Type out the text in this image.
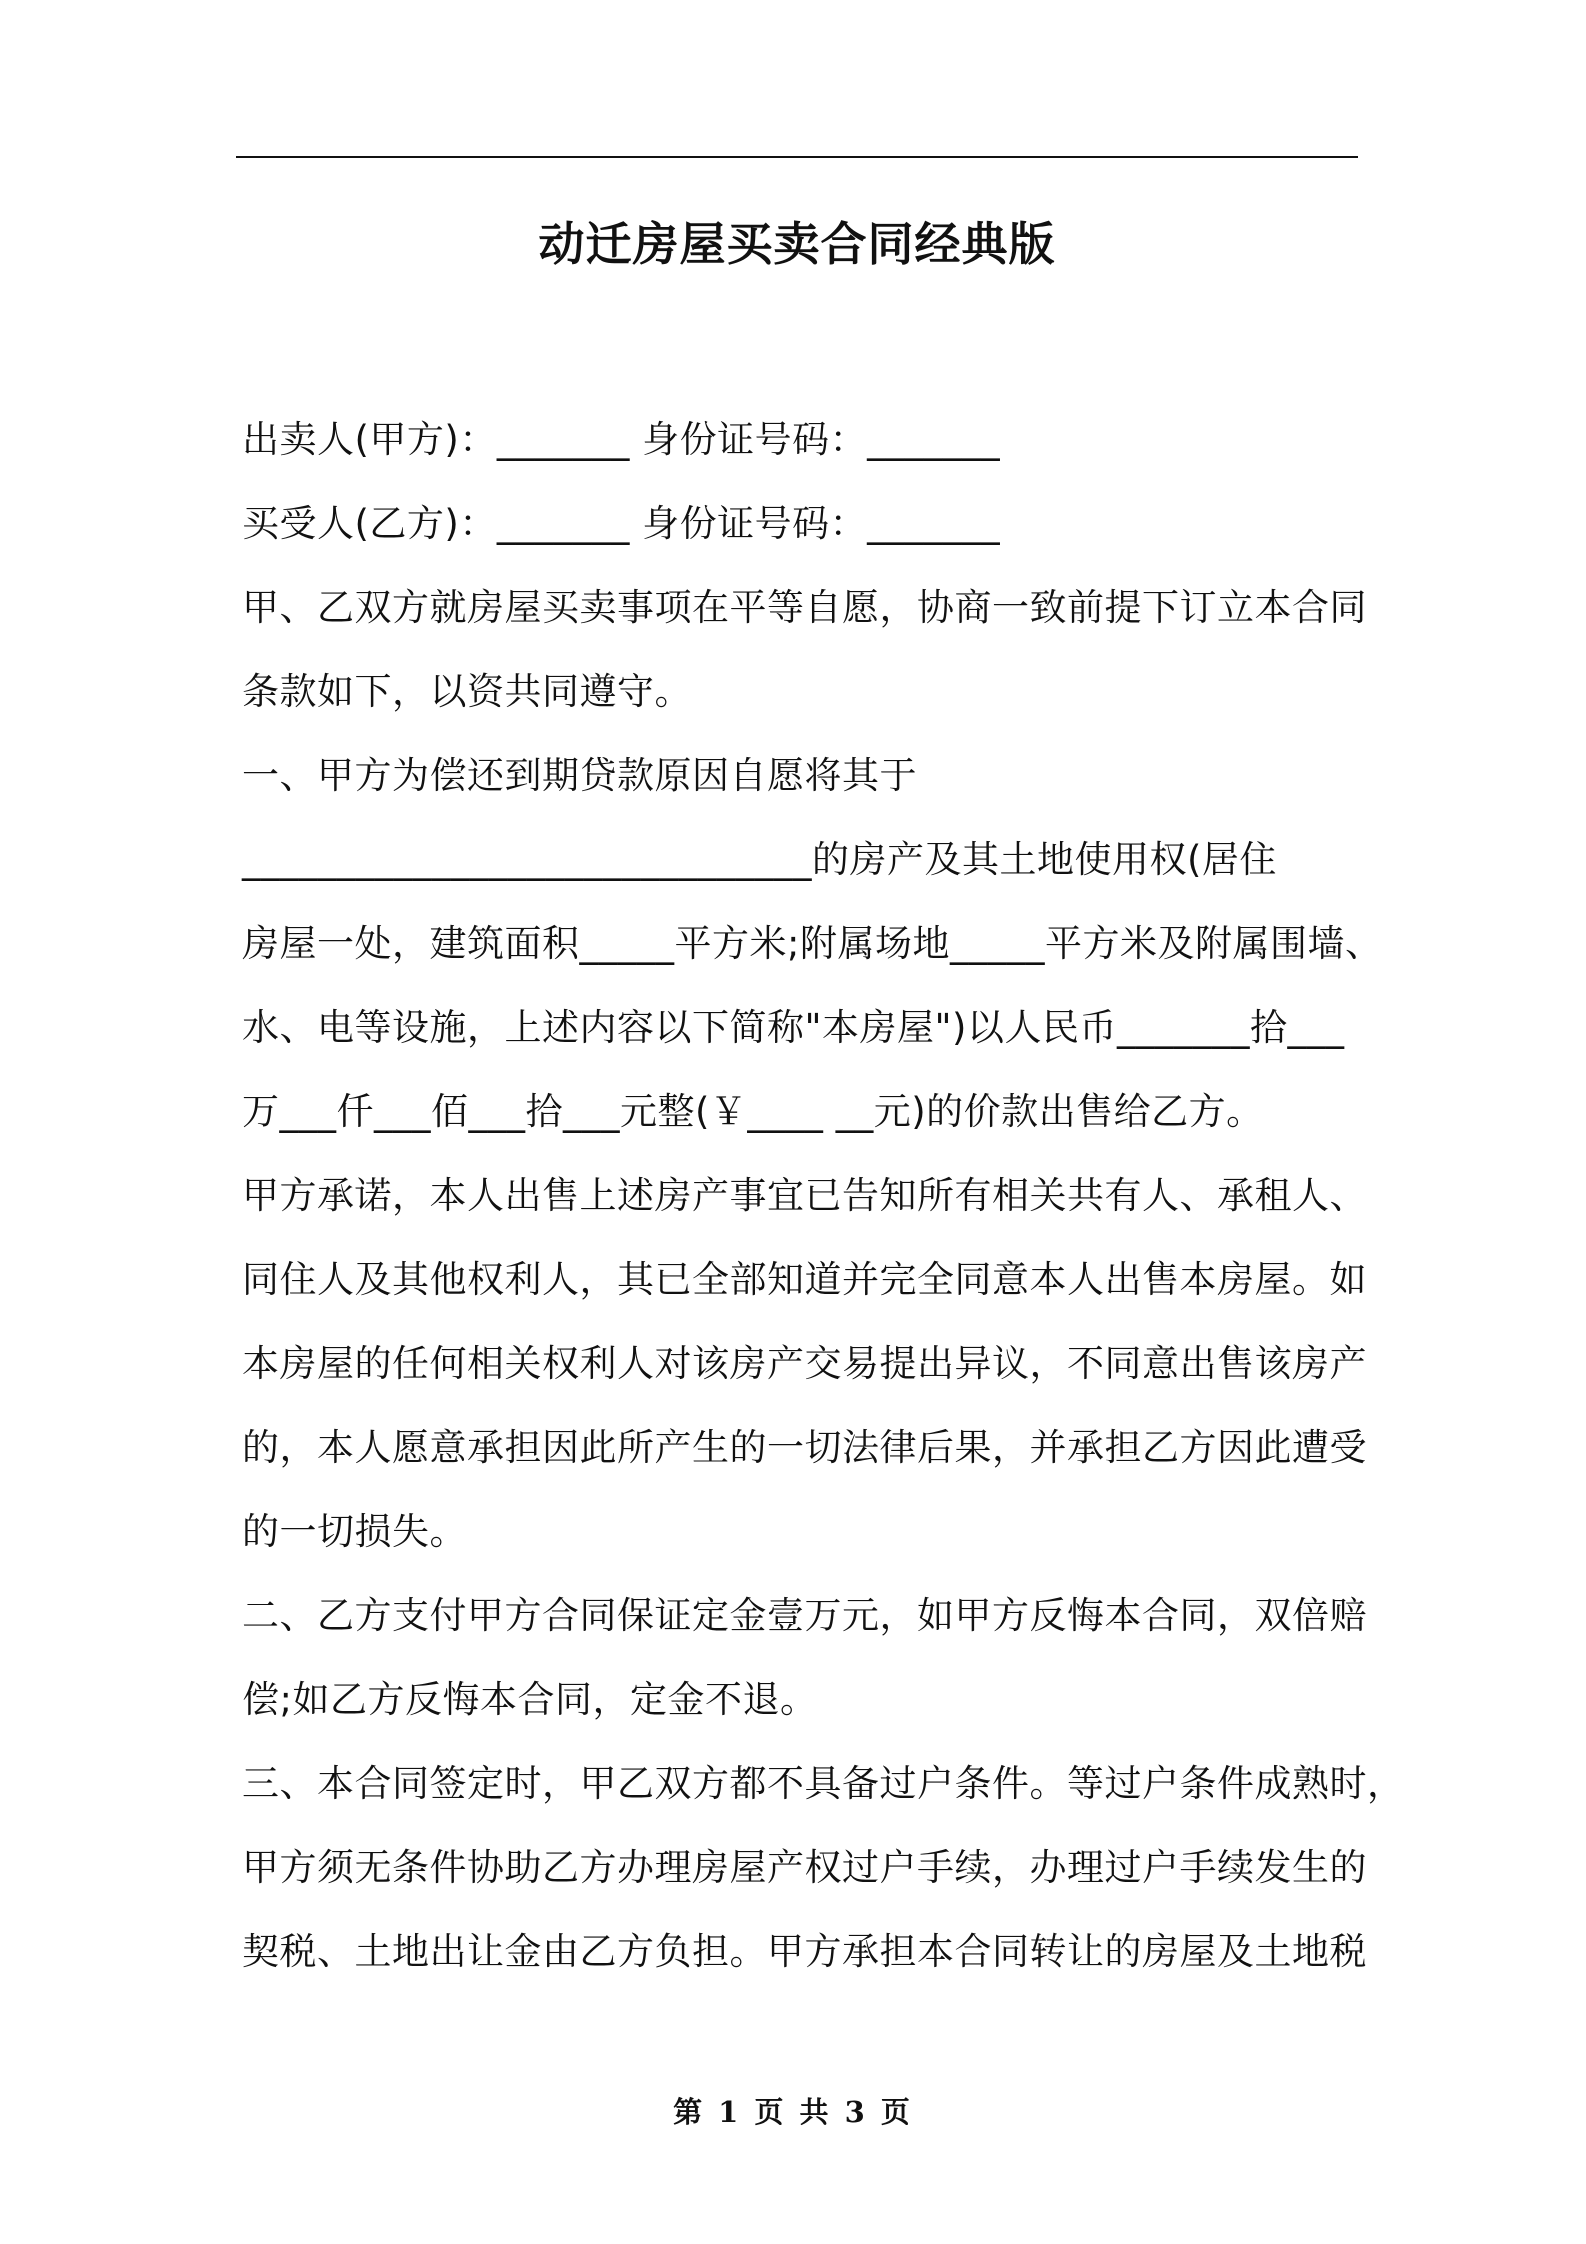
动迁房屋买卖合同经典版
出卖人(甲方)：_______ 身份证号码：_______
买受人(乙方)：_______ 身份证号码：_______
甲、乙双方就房屋买卖事项在平等自愿，协商一致前提下订立本合同
条款如下，以资共同遵守。
一、甲方为偿还到期贷款原因自愿将其于
______________________________的房产及其土地使用权(居住
房屋一处，建筑面积_____平方米;附属场地_____平方米及附属围墙、
水、电等设施，上述内容以下简称"本房屋")以人民币_______拾___
万___仟___佰___拾___元整(￥____ __元)的价款出售给乙方。
甲方承诺，本人出售上述房产事宜已告知所有相关共有人、承租人、
同住人及其他权利人，其已全部知道并完全同意本人出售本房屋。如
本房屋的任何相关权利人对该房产交易提出异议，不同意出售该房产
的，本人愿意承担因此所产生的一切法律后果，并承担乙方因此遭受
的一切损失。
二、乙方支付甲方合同保证定金壹万元，如甲方反悔本合同，双倍赔
偿;如乙方反悔本合同，定金不退。
三、本合同签定时，甲乙双方都不具备过户条件。等过户条件成熟时，
甲方须无条件协助乙方办理房屋产权过户手续，办理过户手续发生的
契税、土地出让金由乙方负担。甲方承担本合同转让的房屋及土地税
第 1 页 共 3 页
